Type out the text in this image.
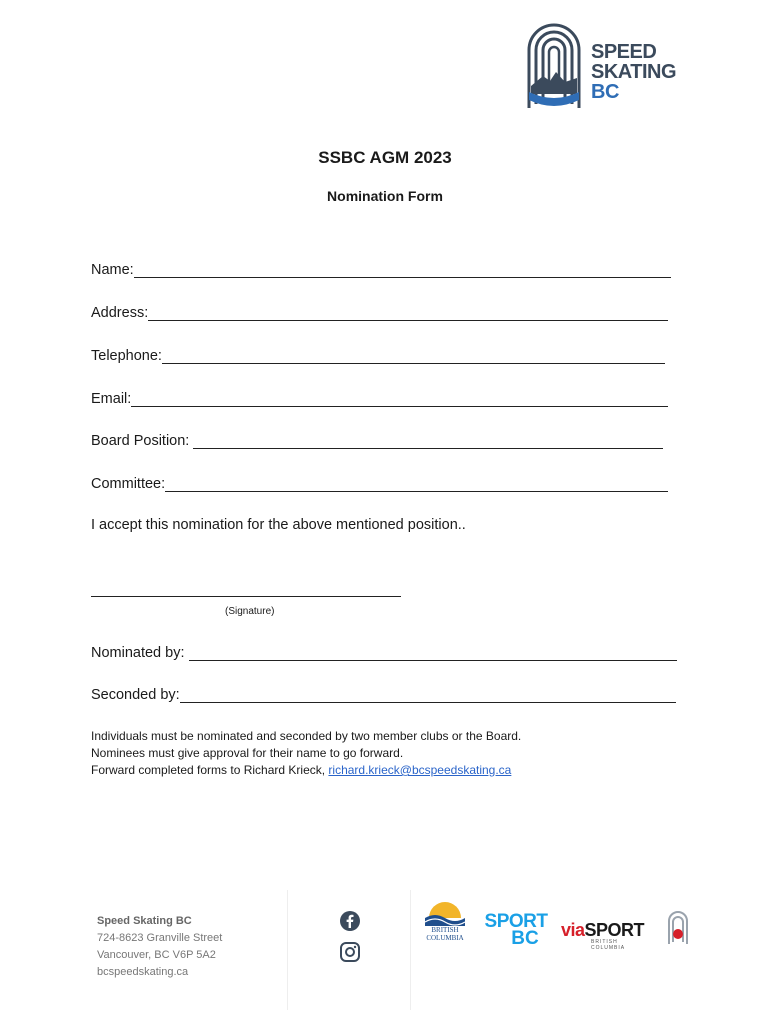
SPEED
SKATING
BC
SSBC AGM 2023
Nomination Form
Name:
Address:
Telephone:
Email:
Board Position:
Committee:
I accept this nomination for the above mentioned position..
(Signature)
Nominated by:
Seconded by:
Individuals must be nominated and seconded by two member clubs or the Board.
Nominees must give approval for their name to go forward.
Forward completed forms to Richard Krieck, richard.krieck@bcspeedskating.ca
Speed Skating BC
724-8623 Granville Street
Vancouver, BC V6P 5A2
bcspeedskating.ca
BRITISH
COLUMBIA
SPORT
BC	viaSPORT
BRITISH COLUMBIA
